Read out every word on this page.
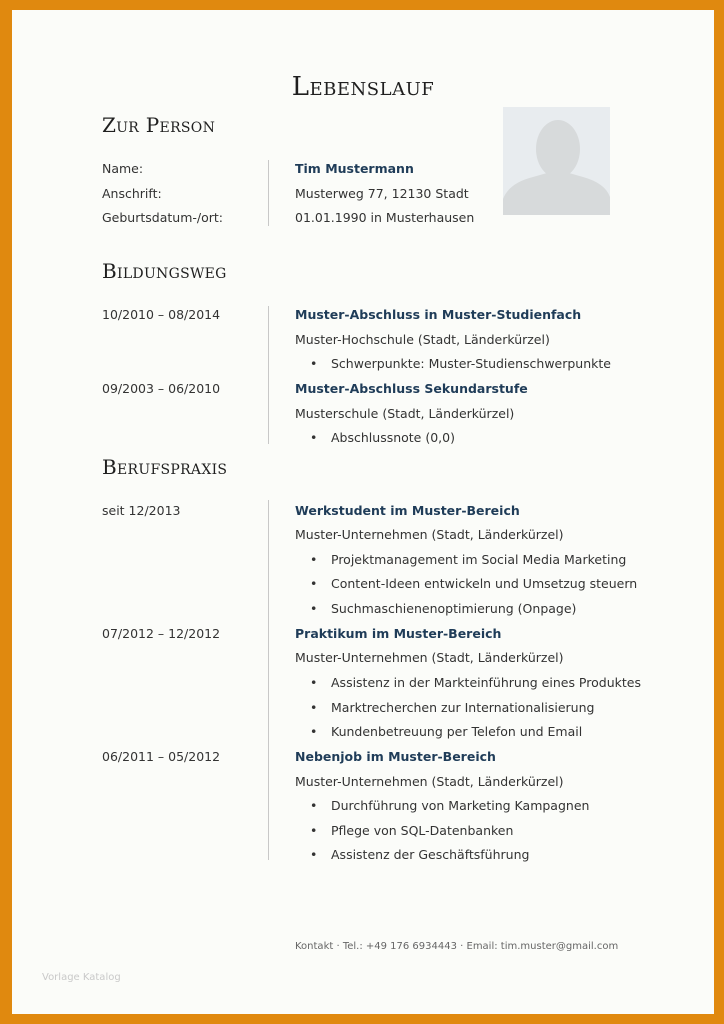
Lebenslauf
Zur Person
Name:	Tim Mustermann
Anschrift:	Musterweg 77, 12130 Stadt
Geburtsdatum-/ort:	01.01.1990 in Musterhausen
Bildungsweg
10/2010 – 08/2014	Muster-Abschluss in Muster-Studienfach
Muster-Hochschule (Stadt, Länderkürzel)
• Schwerpunkte: Muster-Studienschwerpunkte
09/2003 – 06/2010	Muster-Abschluss Sekundarstufe
Musterschule (Stadt, Länderkürzel)
• Abschlussnote (0,0)
Berufspraxis
seit 12/2013	Werkstudent im Muster-Bereich
Muster-Unternehmen (Stadt, Länderkürzel)
• Projektmanagement im Social Media Marketing
• Content-Ideen entwickeln und Umsetzug steuern
• Suchmaschienenoptimierung (Onpage)
07/2012 – 12/2012	Praktikum im Muster-Bereich
Muster-Unternehmen (Stadt, Länderkürzel)
• Assistenz in der Markteinführung eines Produktes
• Marktrecherchen zur Internationalisierung
• Kundenbetreuung per Telefon und Email
06/2011 – 05/2012	Nebenjob im Muster-Bereich
Muster-Unternehmen (Stadt, Länderkürzel)
• Durchführung von Marketing Kampagnen
• Pflege von SQL-Datenbanken
• Assistenz der Geschäftsführung
Kontakt · Tel.: +49 176 6934443 · Email: tim.muster@gmail.com
Vorlage Katalog
